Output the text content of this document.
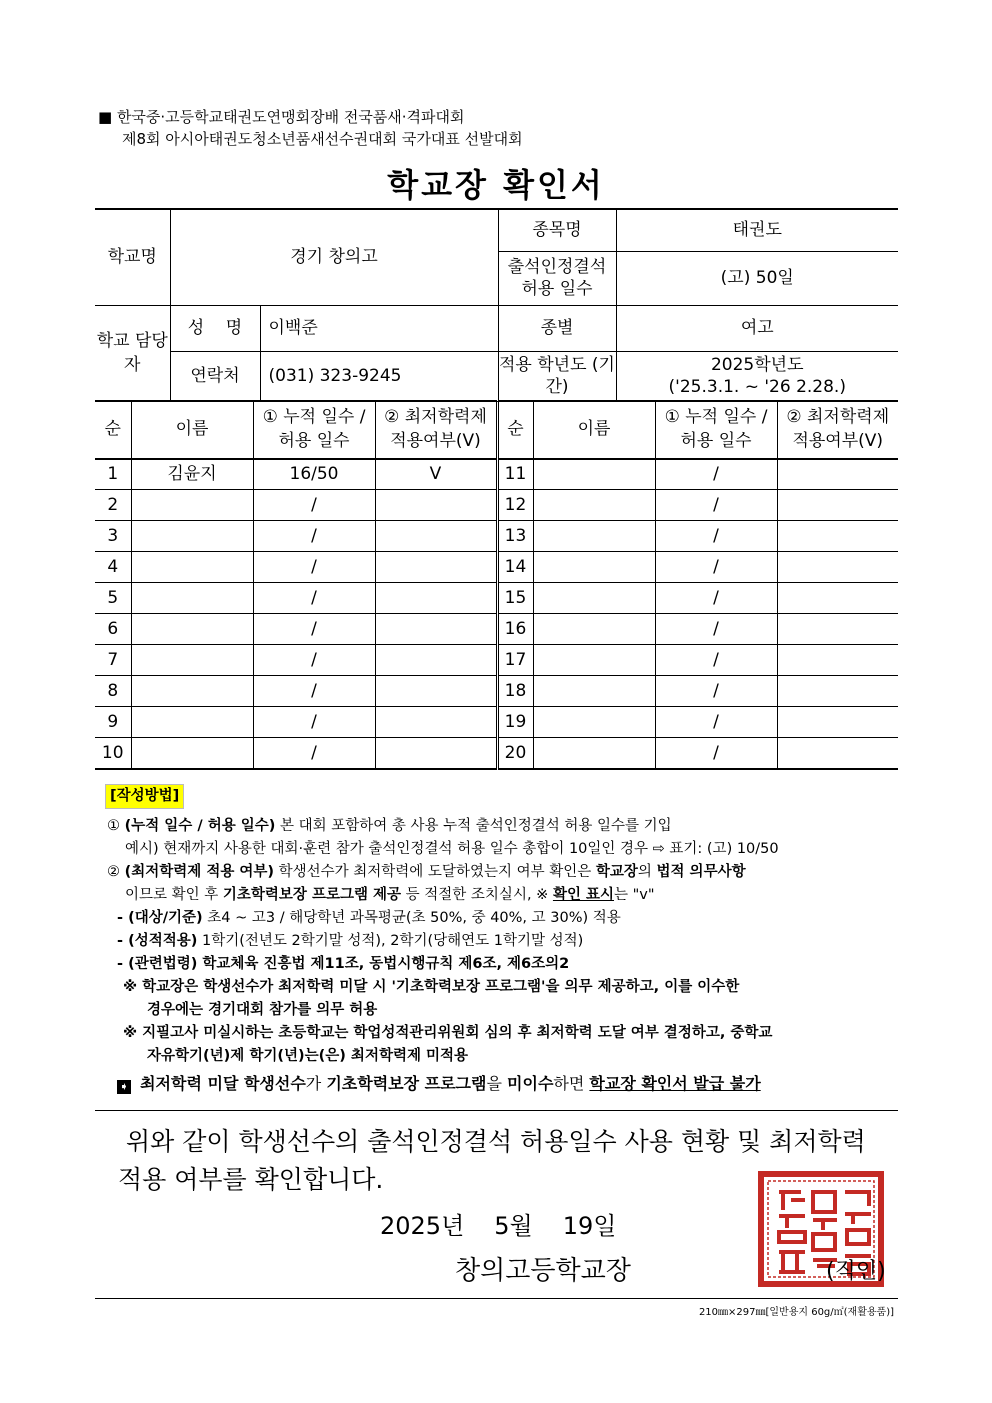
■ 한국중·고등학교태권도연맹회장배 전국품새·격파대회
제8회 아시아태권도청소년품새선수권대회 국가대표 선발대회
학교장 확인서
학교명	경기 창의고		종목명	태권도
			출석인정결석 허용 일수	(고) 50일
학교 담당자	성    명	이백준	종별	여고
	연락처	(031) 323-9245	적용 학년도 (기간)	2025학년도
('25.3.1. ~ '26 2.28.)
순	이름	① 누적 일수 / 허용 일수	② 최저학력제 적용여부(V)	순	이름	① 누적 일수 / 허용 일수	② 최저학력제 적용여부(V)
1	김윤지	16/50	V	11		/	
2		/		12		/	
3		/		13		/	
4		/		14		/	
5		/		15		/	
6		/		16		/	
7		/		17		/	
8		/		18		/	
9		/		19		/	
10		/		20		/	
[작성방법]
① (누적 일수 / 허용 일수) 본 대회 포함하여 총 사용 누적 출석인정결석 허용 일수를 기입
예시) 현재까지 사용한 대회·훈련 참가 출석인정결석 허용 일수 총합이 10일인 경우 ⇨ 표기: (고) 10/50
② (최저학력제 적용 여부) 학생선수가 최저학력에 도달하였는지 여부 확인은 학교장의 법적 의무사항
이므로 확인 후 기초학력보장 프로그램 제공 등 적절한 조치실시, ※ 확인 표시는 "v"
- (대상/기준) 초4 ~ 고3 / 해당학년 과목평균(초 50%, 중 40%, 고 30%) 적용
- (성적적용) 1학기(전년도 2학기말 성적), 2학기(당해연도 1학기말 성적)
- (관련법령) 학교체육 진흥법 제11조, 동법시행규칙 제6조, 제6조의2
※ 학교장은 학생선수가 최저학력 미달 시 '기초학력보장 프로그램'을 의무 제공하고, 이를 이수한
경우에는 경기대회 참가를 의무 허용
※ 지필고사 미실시하는 초등학교는 학업성적관리위원회 심의 후 최저학력 도달 여부 결정하고, 중학교
자유학기(년)제 학기(년)는(은) 최저학력제 미적용
➧ 최저학력 미달 학생선수가 기초학력보장 프로그램을 미이수하면 학교장 확인서 발급 불가
위와 같이 학생선수의 출석인정결석 허용일수 사용 현황 및 최저학력
적용 여부를 확인합니다.
2025년 5월 19일
창의고등학교장	(직인)
210㎜×297㎜[일반용지 60g/㎡(재활용품)]
